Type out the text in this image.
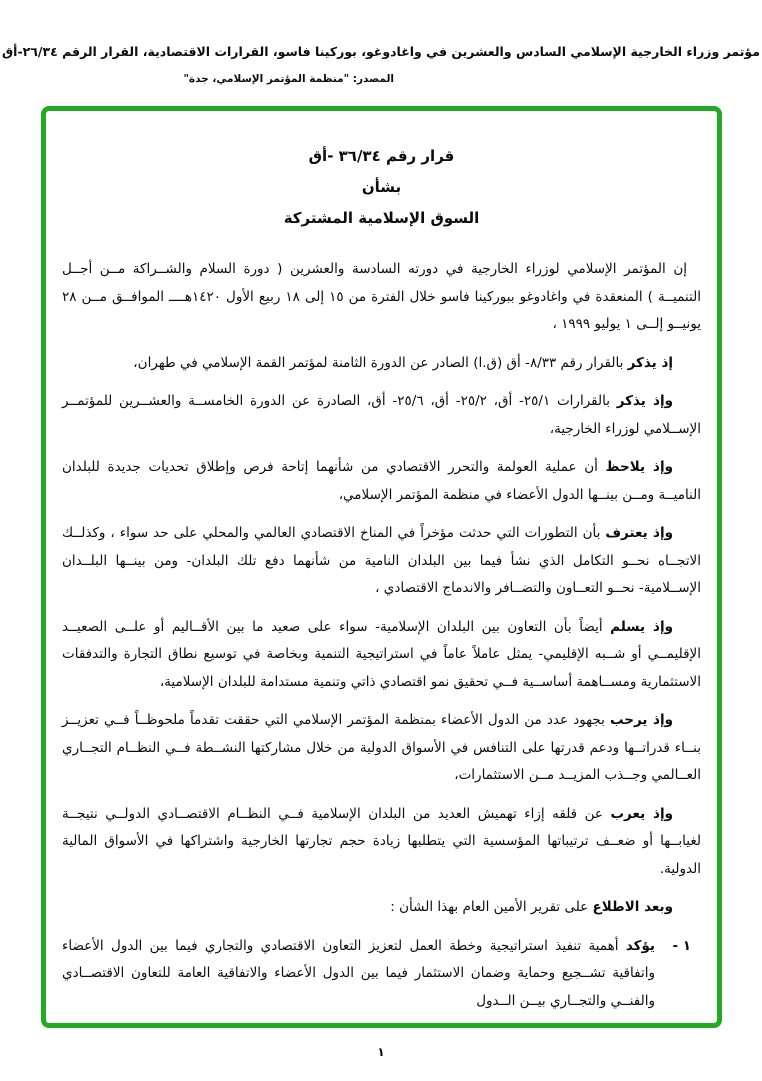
مؤتمر وزراء الخارجية الإسلامي السادس والعشرين في واغادوغو، بوركينا فاسو، القرارات الاقتصادية، القرار الرقم ٢٦/٣٤-أق
المصدر: "منظمة المؤتمر الإسلامي، جدة"
قرار رقم ٣٦/٣٤ -أق
بشأن
السوق الإسلامية المشتركة

إن المؤتمر الإسلامي لوزراء الخارجية في دورته السادسة والعشرين ( دورة السلام والشــراكة مــن أجــل التنميــة ) المنعقدة في واغادوغو ببوركينا فاسو خلال الفترة من ١٥ إلى ١٨ ربيع الأول ١٤٢٠هــــ الموافــق مــن ٢٨ يونيــو إلــى ١ يوليو ١٩٩٩ ،

إذ يذكر بالقرار رقم ٨/٣٣- أق (ق.ا) الصادر عن الدورة الثامنة لمؤتمر القمة الإسلامي في طهران،

وإذ يذكر بالقرارات ٢٥/١- أق، ٢٥/٢- أق، ٢٥/٦- أق، الصادرة عن الدورة الخامســة والعشــرين للمؤتمــر الإســلامي لوزراء الخارجية،

وإذ يلاحظ أن عملية العولمة والتحرر الاقتصادي من شأنهما إتاحة فرص وإطلاق تحديات جديدة للبلدان الناميــة ومــن بينــها الدول الأعضاء في منظمة المؤتمر الإسلامي،

وإذ يعترف بأن التطورات التي حدثت مؤخراً في المناخ الاقتصادي العالمي والمحلي على حد سواء ، وكذلــك الاتجــاه نحــو التكامل الذي نشأ فيما بين البلدان النامية من شأنهما دفع تلك البلدان- ومن بينــها البلــدان الإســلامية- نحــو التعــاون والتضــافر والاندماج الاقتصادي ،

وإذ يسلم أيضاً بأن التعاون بين البلدان الإسلامية- سواء على صعيد ما بين الأقــاليم أو علــى الصعيــد الإقليمــي أو شــبه الإقليمي- يمثل عاملاً عاماً في استراتيجية التنمية وبخاصة في توسيع نطاق التجارة والتدفقات الاستثمارية ومســاهمة أساســية فــي تحقيق نمو اقتصادي ذاتي وتنمية مستدامة للبلدان الإسلامية،

وإذ يرحب بجهود عدد من الدول الأعضاء بمنظمة المؤتمر الإسلامي التي حققت تقدماً ملحوظــاً فــي تعزيــز بنــاء قدراتــها ودعم قدرتها على التنافس في الأسواق الدولية من خلال مشاركتها النشــطة فــي النظــام التجــاري العــالمي وجــذب المزيــد مــن الاستثمارات،

وإذ يعرب عن قلقه إزاء تهميش العديد من البلدان الإسلامية فــي النظــام الاقتصــادي الدولــي نتيجــة لغيابــها أو ضعــف ترتيباتها المؤسسية التي يتطلبها زيادة حجم تجارتها الخارجية واشتراكها في الأسواق المالية الدولية.

وبعد الاطلاع على تقرير الأمين العام بهذا الشأن :

١ -

يؤكد أهمية تنفيذ استراتيجية وخطة العمل لتعزيز التعاون الاقتصادي والتجاري فيما بين الدول الأعضاء واتفاقية تشــجيع وحماية وضمان الاستثمار فيما بين الدول الأعضاء والاتفاقية العامة للتعاون الاقتصــادي والفنــي والتجــاري بيــن الــدول

١
